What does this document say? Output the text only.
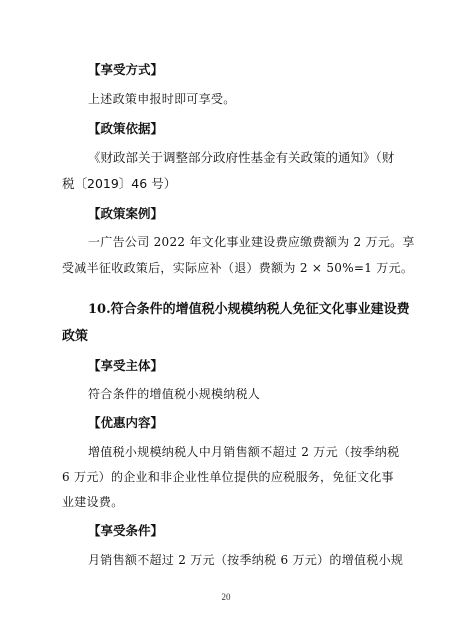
【享受方式】
上述政策申报时即可享受。
【政策依据】
《财政部关于调整部分政府性基金有关政策的通知》（财
税〔2019〕46 号）
【政策案例】
一广告公司 2022 年文化事业建设费应缴费额为 2 万元。享
受减半征收政策后，实际应补（退）费额为 2 × 50%=1 万元。
10.符合条件的增值税小规模纳税人免征文化事业建设费
政策
【享受主体】
符合条件的增值税小规模纳税人
【优惠内容】
增值税小规模纳税人中月销售额不超过 2 万元（按季纳税
6 万元）的企业和非企业性单位提供的应税服务，免征文化事
业建设费。
【享受条件】
月销售额不超过 2 万元（按季纳税 6 万元）的增值税小规
20
